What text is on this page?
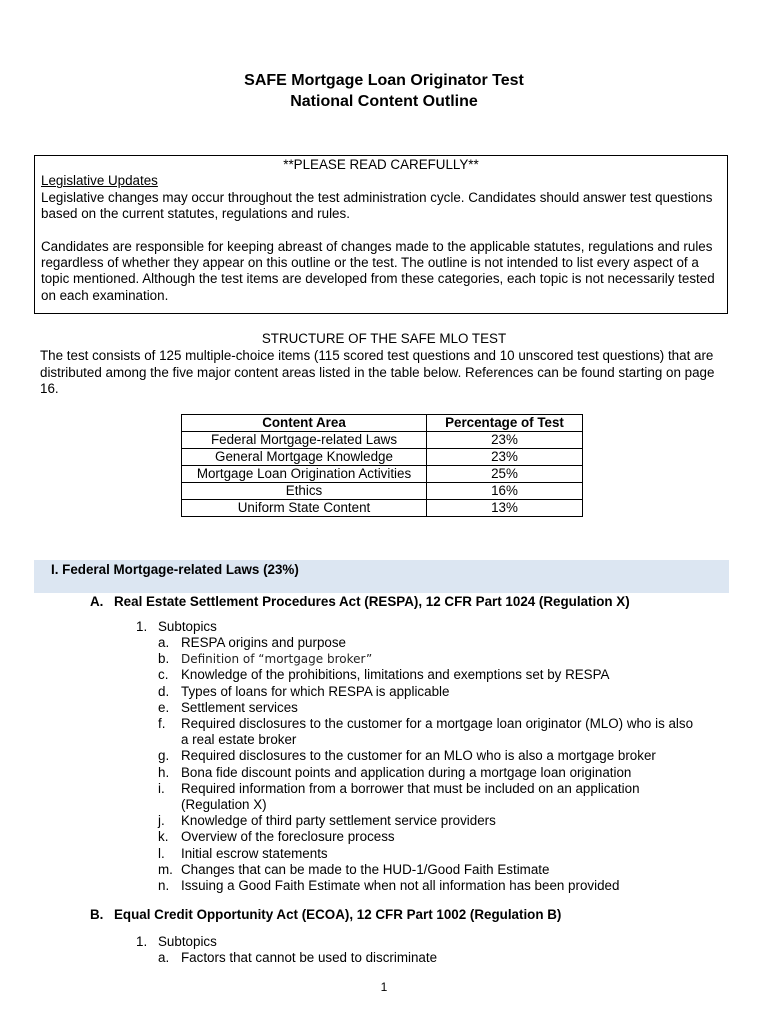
SAFE Mortgage Loan Originator Test
National Content Outline

**PLEASE READ CAREFULLY**

Legislative Updates

Legislative changes may occur throughout the test administration cycle. Candidates should answer test questions based on the current statutes, regulations and rules.

Candidates are responsible for keeping abreast of changes made to the applicable statutes, regulations and rules regardless of whether they appear on this outline or the test. The outline is not intended to list every aspect of a topic mentioned. Although the test items are developed from these categories, each topic is not necessarily tested on each examination.

STRUCTURE OF THE SAFE MLO TEST
The test consists of 125 multiple-choice items (115 scored test questions and 10 unscored test questions) that are distributed among the five major content areas listed in the table below. References can be found starting on page 16.
Content Area	Percentage of Test
Federal Mortgage-related Laws	23%
General Mortgage Knowledge	23%
Mortgage Loan Origination Activities	25%
Ethics	16%
Uniform State Content	13%
I. Federal Mortgage-related Laws (23%)
A. Real Estate Settlement Procedures Act (RESPA), 12 CFR Part 1024 (Regulation X)
1. Subtopics
a. RESPA origins and purpose
b. Definition of “mortgage broker”
c. Knowledge of the prohibitions, limitations and exemptions set by RESPA
d. Types of loans for which RESPA is applicable
e. Settlement services
f.	Required disclosures to the customer for a mortgage loan originator (MLO) who is also a real estate broker
g. Required disclosures to the customer for an MLO who is also a mortgage broker
h. Bona fide discount points and application during a mortgage loan origination
i.	Required information from a borrower that must be included on an application (Regulation X)
j.	Knowledge of third party settlement service providers
k. Overview of the foreclosure process
l.	Initial escrow statements
m. Changes that can be made to the HUD-1/Good Faith Estimate
n. Issuing a Good Faith Estimate when not all information has been provided
B. Equal Credit Opportunity Act (ECOA), 12 CFR Part 1002 (Regulation B)
1. Subtopics
a. Factors that cannot be used to discriminate
1
